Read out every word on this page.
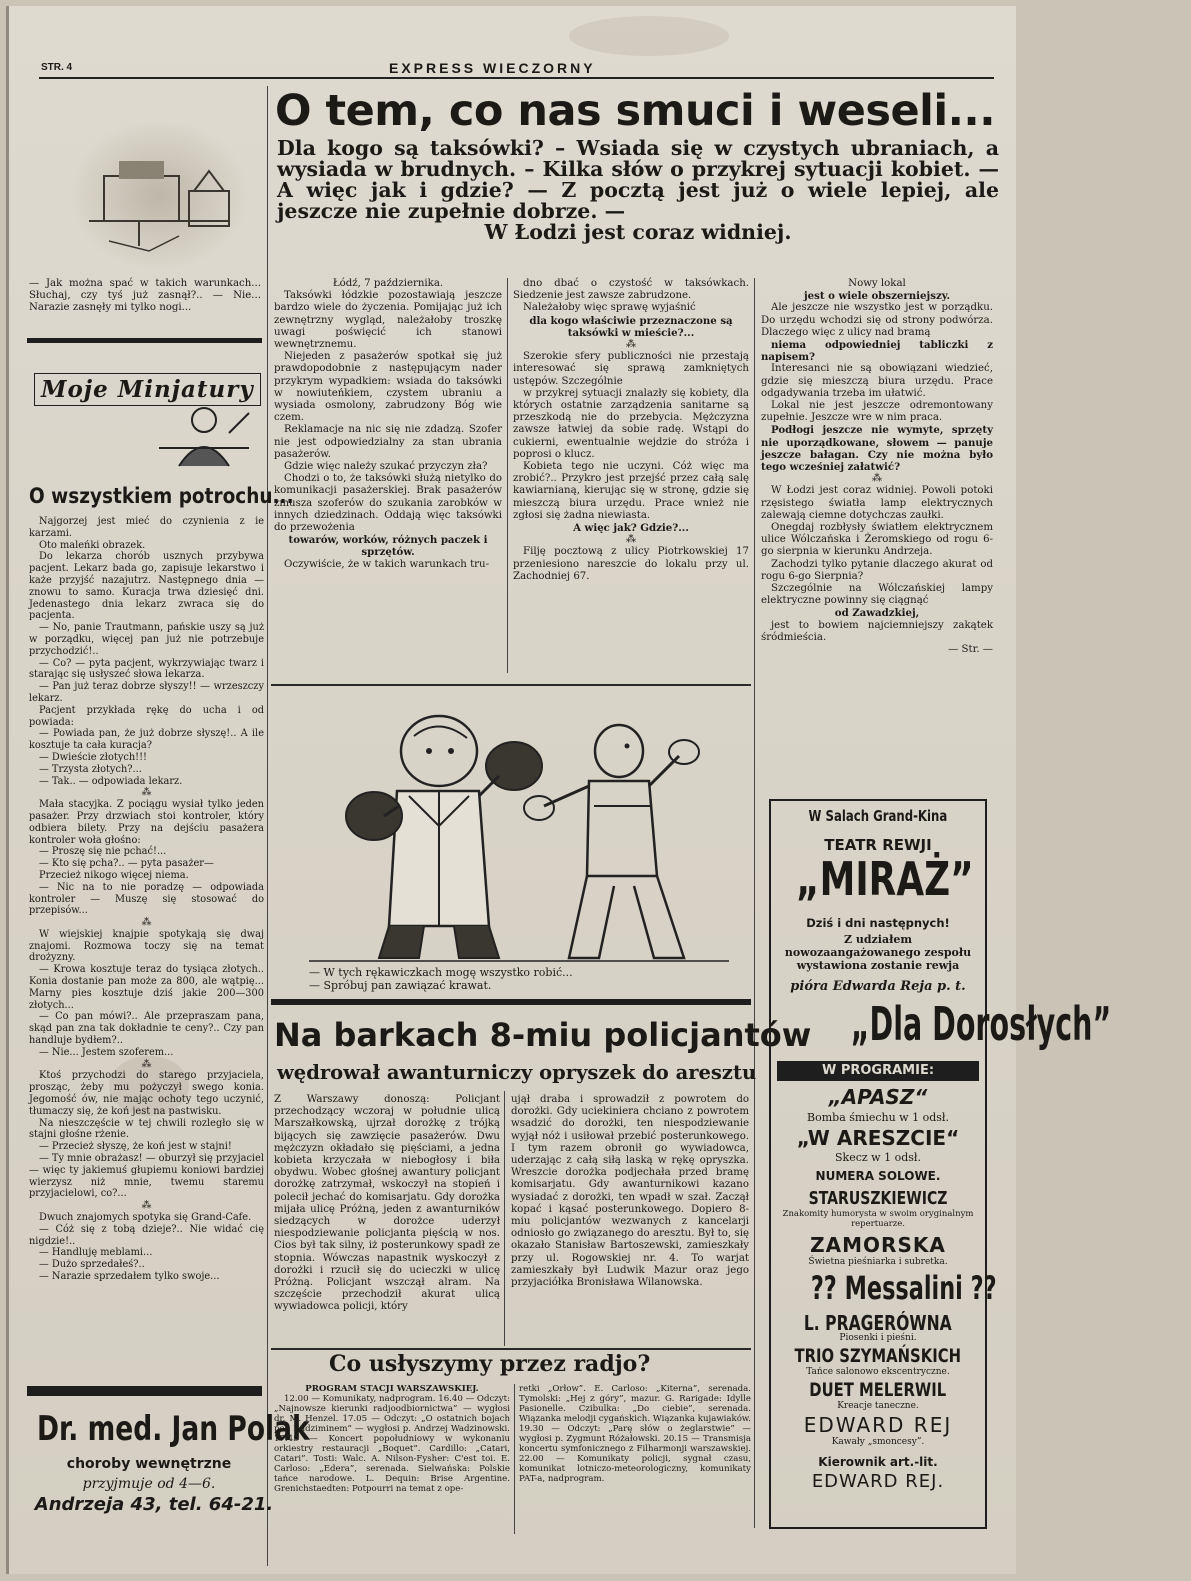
STR. 4	EXPRESS WIECZORNY
— Jak można spać w takich warunkach... Słuchaj, czy tyś już zasnął?.. — Nie... Narazie zasnęły mi tylko nogi...
Moje Minjatury
O wszystkiem potrochu...

Najgorzej jest mieć do czynienia z ie karzami.

Oto maleńki obrazek.

Do lekarza chorób usznych przybywa pacjent. Lekarz bada go, zapisuje lekarstwo i każe przyjść nazajutrz. Następnego dnia — znowu to samo. Kuracja trwa dziesięć dni. Jedenastego dnia lekarz zwraca się do pacjenta.

— No, panie Trautmann, pańskie uszy są już w porządku, więcej pan już nie potrzebuje przychodzić!..

— Co? — pyta pacjent, wykrzywiając twarz i starając się usłyszeć słowa lekarza.

— Pan już teraz dobrze słyszy!! — wrzeszczy lekarz.

Pacjent przykłada rękę do ucha i od powiada:

— Powiada pan, że już dobrze słyszę!.. A ile kosztuje ta cała kuracja?

— Dwieście złotych!!!

— Trzysta złotych?...

— Tak.. — odpowiada lekarz.

⁂

Mała stacyjka. Z pociągu wysiał tylko jeden pasażer. Przy drzwiach stoi kontroler, który odbiera bilety. Przy na dejściu pasażera kontroler woła głośno:

— Proszę się nie pchać!...

— Kto się pcha?.. — pyta pasażer—

Przecież nikogo więcej niema.

— Nic na to nie poradzę — odpowiada kontroler — Muszę się stosować do przepisów...

⁂

W wiejskiej knajpie spotykają się dwaj znajomi. Rozmowa toczy się na temat drożyzny.

— Krowa kosztuje teraz do tysiąca złotych.. Konia dostanie pan może za 800, ale wątpię... Marny pies kosztuje dziś jakie 200—300 złotych...

— Co pan mówi?.. Ale przepraszam pana, skąd pan zna tak dokładnie te ceny?.. Czy pan handluje bydłem?..

— Nie... Jestem szoferem...

⁂

Ktoś przychodzi do starego przyjaciela, prosząc, żeby mu pożyczył swego konia. Jegomość ów, nie mając ochoty tego uczynić, tłumaczy się, że koń jest na pastwisku.

Na nieszczęście w tej chwili rozległo się w stajni głośne rżenie.

— Przecież słyszę, że koń jest w stajni!

— Ty mnie obrażasz! — oburzył się przyjaciel — więc ty jakiemuś głupiemu koniowi bardziej wierzysz niż mnie, twemu staremu przyjacielowi, co?...

⁂

Dwuch znajomych spotyka się Grand-Cafe.

— Cóż się z tobą dzieje?.. Nie widać cię nigdzie!..

— Handluję meblami...

— Dużo sprzedałeś?..

— Narazie sprzedałem tylko swoje...

Dr. med. Jan Polak
choroby wewnętrzne
przyjmuje od 4—6.
Andrzeja 43, tel. 64-21.
O tem, co nas smuci i weseli...
Dla kogo są taksówki? – Wsiada się w czystych ubraniach, a wysiada w brudnych. – Kilka słów o przykrej sytuacji kobiet. — A więc jak i gdzie? — Z pocztą jest już o wiele lepiej, ale jeszcze nie zupełnie dobrze. —
W Łodzi jest coraz widniej.

Łódź, 7 października.

Taksówki łódzkie pozostawiają jeszcze bardzo wiele do życzenia. Pomijając już ich zewnętrzny wygląd, należałoby troszkę uwagi poświęcić ich stanowi wewnętrznemu.

Niejeden z pasażerów spotkał się już prawdopodobnie z następującym nader przykrym wypadkiem: wsiada do taksówki w nowiuteńkiem, czystem ubraniu a wysiada osmolony, zabrudzony Bóg wie czem.

Reklamacje na nic się nie zdadzą. Szofer nie jest odpowiedzialny za stan ubrania pasażerów.

Gdzie więc należy szukać przyczyn zła?

Chodzi o to, że taksówki służą nietylko do komunikacji pasażerskiej. Brak pasażerów zmusza szoferów do szukania zarobków w innych dziedzinach. Oddają więc taksówki do przewożenia

towarów, worków, różnych paczek i sprzętów.

Oczywiście, że w takich warunkach tru-

dno dbać o czystość w taksówkach. Siedzenie jest zawsze zabrudzone.

Należałoby więc sprawę wyjaśnić

dla kogo właściwie przeznaczone są taksówki w mieście?...

⁂

Szerokie sfery publiczności nie przestają interesować się sprawą zamkniętych ustępów. Szczególnie

w przykrej sytuacji znalazły się kobiety, dla których ostatnie zarządzenia sanitarne są przeszkodą nie do przebycia. Mężczyzna zawsze łatwiej da sobie radę. Wstąpi do cukierni, ewentualnie wejdzie do stróża i poprosi o klucz.

Kobieta tego nie uczyni. Cóż więc ma zrobić?.. Przykro jest przejść przez całą salę kawiarnianą, kierując się w stronę, gdzie się mieszczą biura urzędu. Prace wnież nie zgłosi się żadna niewiasta.

A więc jak? Gdzie?...

⁂

Filję pocztową z ulicy Piotrkowskiej 17 przeniesiono nareszcie do lokalu przy ul. Zachodniej 67.

Nowy lokal

jest o wiele obszerniejszy.

Ale jeszcze nie wszystko jest w porządku. Do urzędu wchodzi się od strony podwórza. Dlaczego więc z ulicy nad bramą

niema odpowiedniej tabliczki z napisem?

Interesanci nie są obowiązani wiedzieć, gdzie się mieszczą biura urzędu. Prace odgadywania trzeba im ułatwić.

Lokal nie jest jeszcze odremontowany zupełnie. Jeszcze wre w nim praca.

Podłogi jeszcze nie wymyte, sprzęty nie uporządkowane, słowem — panuje jeszcze bałagan. Czy nie można było tego wcześniej załatwić?

⁂

W Łodzi jest coraz widniej. Powoli potoki rzęsistego światła lamp elektrycznych zalewają ciemne dotychczas zaułki.

Onegdaj rozbłysły światłem elektrycznem ulice Wólczańska i Żeromskiego od rogu 6-go sierpnia w kierunku Andrzeja.

Zachodzi tylko pytanie dlaczego akurat od rogu 6-go Sierpnia?

Szczególnie na Wólczańskiej lampy elektryczne powinny się ciągnąć

od Zawadzkiej,

jest to bowiem najciemniejszy zakątek śródmieścia.

— Str. —

— W tych rękawiczkach mogę wszystko robić...
— Spróbuj pan zawiązać krawat.
Na barkach 8-miu policjantów
wędrował awanturniczy opryszek do aresztu
Z Warszawy donoszą: Policjant przechodzący wczoraj w południe ulicą Marszałkowską, ujrzał dorożkę z trójką bijących się zawzięcie pasażerów. Dwu mężczyzn okładało się pięściami, a jedna kobieta krzyczała w niebogłosy i biła obydwu. Wobec głośnej awantury policjant dorożkę zatrzymał, wskoczył na stopień i polecił jechać do komisarjatu. Gdy dorożka mijała ulicę Próżną, jeden z awanturników siedzących w dorożce uderzył niespodziewanie policjanta pięścią w nos. Cios był tak silny, iż posterunkowy spadł ze stopnia. Wówczas napastnik wyskoczył z dorożki i rzucił się do ucieczki w ulicę Próżną. Policjant wszczął alram. Na szczęście przechodził akurat ulicą wywiadowca policji, który
ujął draba i sprowadził z powrotem do dorożki. Gdy uciekiniera chciano z powrotem wsadzić do dorożki, ten niespodziewanie wyjął nóż i usiłował przebić posterunkowego. I tym razem obronił go wywiadowca, uderzając z całą siłą laską w rękę opryszka. Wreszcie dorożka podjechała przed bramę komisarjatu. Gdy awanturnikowi kazano wysiadać z dorożki, ten wpadł w szał. Zaczął kopać i kąsać posterunkowego. Dopiero 8-miu policjantów wezwanych z kancelarji odniosło go związanego do aresztu. Był to, się okazało Stanisław Bartoszewski, zamieszkały przy ul. Rogowskiej nr. 4. To warjat zamieszkały był Ludwik Mazur oraz jego przyjaciółka Bronisława Wilanowska.
Co usłyszymy przez radjo?

PROGRAM STACJI WARSZAWSKIEJ.

12.00 — Komunikaty, nadprogram. 16.40 — Odczyt: „Najnowsze kierunki radjoodbiornictwa” — wygłosi dr. M. Henzel. 17.05 — Odczyt: „O ostatnich bojach pod Radziminem” — wygłosi p. Andrzej Wadzinowski. 17.45 — Koncert popołudniowy w wykonaniu orkiestry restauracji „Boquet”. Cardillo: „Catari, Catari”. Tosti: Walc. A. Nilson-Fysher: C'est toi. E. Carloso: „Edera”, serenada. Sielwańska: Polskie tańce narodowe. L. Dequin: Brise Argentine. Grenichstaedten: Potpourri na temat z ope-

retki „Orłow”. E. Carloso: „Kiterna”, serenada. Tymolski: „Hej z góry”, mazur. G. Rarigade: Idylle Pasionelle. Czibulka: „Do ciebie”, serenada. Wiązanka melodji cygańskich. Wiązanka kujawiaków. 19.30 — Odczyt: „Parę słów o żeglarstwie” — wygłosi p. Zygmunt Różałowski. 20.15 — Transmisja koncertu symfonicznego z Filharmonji warszawskiej. 22.00 — Komunikaty policji, sygnał czasu, komunikat lotniczo-meteorologiczny, komunikaty PAT-a, nadprogram.
W Salach Grand-Kina
TEATR REWJI
„MIRAŻ”
Dziś i dni następnych!
Z udziałem nowozaangażowanego zespołu wystawiona zostanie rewja
pióra Edwarda Reja p. t.
„Dla Dorosłych”
W PROGRAMIE:
„APASZ“
Bomba śmiechu w 1 odsł.
„W ARESZCIE“
Skecz w 1 odsł.
NUMERA SOLOWE.
STARUSZKIEWICZ
Znakomity humorysta w swoim oryginalnym repertuarze.
ZAMORSKA
Świetna pieśniarka i subretka.
?? Messalini ??
L. PRAGERÓWNA
Piosenki i pieśni.
TRIO SZYMAŃSKICH
Tańce salonowo ekscentryczne.
DUET MELERWIL
Kreacje taneczne.
EDWARD REJ
Kawały „smoncesy”.
Kierownik art.-lit.
EDWARD REJ.
